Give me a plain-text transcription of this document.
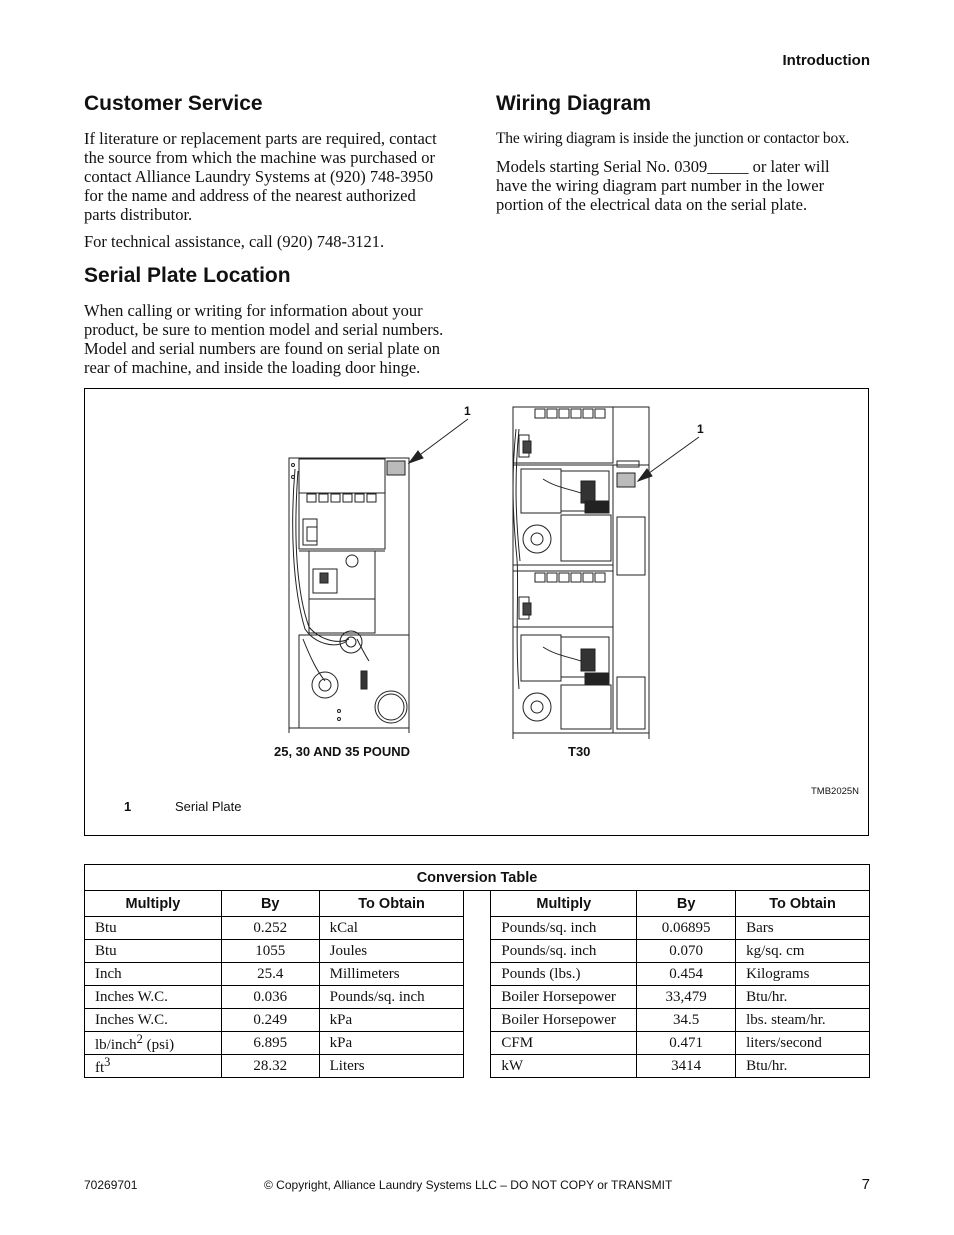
Introduction
Customer Service

If literature or replacement parts are required, contact
the source from which the machine was purchased or
contact Alliance Laundry Systems at (920) 748-3950
for the name and address of the nearest authorized
parts distributor.

For technical assistance, call (920) 748-3121.

Serial Plate Location

When calling or writing for information about your
product, be sure to mention model and serial numbers.
Model and serial numbers are found on serial plate on
rear of machine, and inside the loading door hinge.

Wiring Diagram

The wiring diagram is inside the junction or contactor box.

Models starting Serial No. 0309_____ or later will
have the wiring diagram part number in the lower
portion of the electrical data on the serial plate.

1
1
25, 30 AND 35 POUND	T30
TMB2025N
1	Serial Plate
Conversion Table						
Multiply	By	To Obtain		Multiply	By	To Obtain
Btu	0.252	kCal		Pounds/sq. inch	0.06895	Bars
Btu	1055	Joules		Pounds/sq. inch	0.070	kg/sq. cm
Inch	25.4	Millimeters		Pounds (lbs.)	0.454	Kilograms
Inches W.C.	0.036	Pounds/sq. inch		Boiler Horsepower	33,479	Btu/hr.
Inches W.C.	0.249	kPa		Boiler Horsepower	34.5	lbs. steam/hr.
lb/inch$^2$ (psi)	6.895	kPa		CFM	0.471	liters/second
$ft^3$	28.32	Liters		kW	3414	Btu/hr.
70269701	© Copyright, Alliance Laundry Systems LLC – DO NOT COPY or TRANSMIT	7
